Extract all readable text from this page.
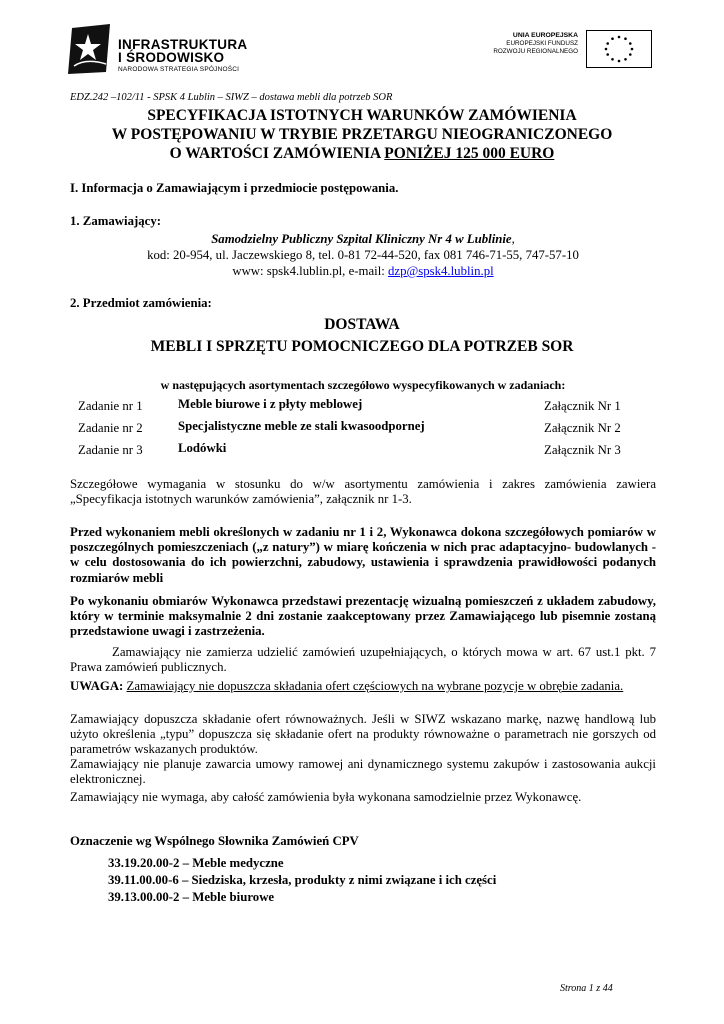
INFRASTRUKTURA
I ŚRODOWISKO
NARODOWA STRATEGIA SPÓJNOŚCI
UNIA EUROPEJSKA
EUROPEJSKI FUNDUSZ
ROZWOJU REGIONALNEGO
EDZ.242 –102/11 - SPSK 4 Lublin – SIWZ – dostawa mebli dla potrzeb SOR
SPECYFIKACJA ISTOTNYCH WARUNKÓW ZAMÓWIENIA
W POSTĘPOWANIU W TRYBIE PRZETARGU NIEOGRANICZONEGO
O WARTOŚCI ZAMÓWIENIA PONIŻEJ 125 000 EURO
I. Informacja o Zamawiającym i przedmiocie postępowania.
1. Zamawiający:
Samodzielny Publiczny Szpital Kliniczny Nr 4 w Lublinie,
kod: 20-954, ul. Jaczewskiego 8, tel. 0-81 72-44-520, fax 081 746-71-55, 747-57-10
www: spsk4.lublin.pl, e-mail: dzp@spsk4.lublin.pl
2. Przedmiot zamówienia:
DOSTAWA
MEBLI I SPRZĘTU POMOCNICZEGO DLA POTRZEB SOR
w następujących asortymentach szczegółowo wyspecyfikowanych w zadaniach:
Zadanie nr 1	Meble biurowe i z płyty meblowej	Załącznik Nr 1
Zadanie nr 2	Specjalistyczne meble ze stali kwasoodpornej	Załącznik Nr 2
Zadanie nr 3	Lodówki	Załącznik Nr 3
Szczegółowe wymagania w stosunku do w/w asortymentu zamówienia i zakres zamówienia zawiera „Specyfikacja istotnych warunków zamówienia”, załącznik nr 1-3.
Przed wykonaniem mebli określonych w zadaniu nr 1 i 2, Wykonawca dokona szczegółowych pomiarów w poszczególnych pomieszczeniach („z natury”) w miarę kończenia w nich prac adaptacyjno- budowlanych - w celu dostosowania do ich powierzchni, zabudowy, ustawienia i sprawdzenia prawidłowości podanych rozmiarów mebli
Po wykonaniu obmiarów Wykonawca przedstawi prezentację wizualną pomieszczeń z układem zabudowy, który w terminie maksymalnie 2 dni zostanie zaakceptowany przez Zamawiającego lub pisemnie zostaną przedstawione uwagi i zastrzeżenia.
Zamawiający nie zamierza udzielić zamówień uzupełniających, o których mowa w art. 67 ust.1 pkt. 7 Prawa zamówień publicznych.
UWAGA: Zamawiający nie dopuszcza składania ofert częściowych na wybrane pozycje w obrębie zadania.
Zamawiający dopuszcza składanie ofert równoważnych. Jeśli w SIWZ wskazano markę, nazwę handlową lub użyto określenia „typu” dopuszcza się składanie ofert na produkty równoważne o parametrach nie gorszych od parametrów wskazanych produktów.
Zamawiający nie planuje zawarcia umowy ramowej ani dynamicznego systemu zakupów i zastosowania aukcji elektronicznej.
Zamawiający nie wymaga, aby całość zamówienia była wykonana samodzielnie przez Wykonawcę.
Oznaczenie wg Wspólnego Słownika Zamówień CPV
33.19.20.00-2 – Meble medyczne
39.11.00.00-6 – Siedziska, krzesła, produkty z nimi związane i ich części
39.13.00.00-2 – Meble biurowe
Strona 1 z 44
